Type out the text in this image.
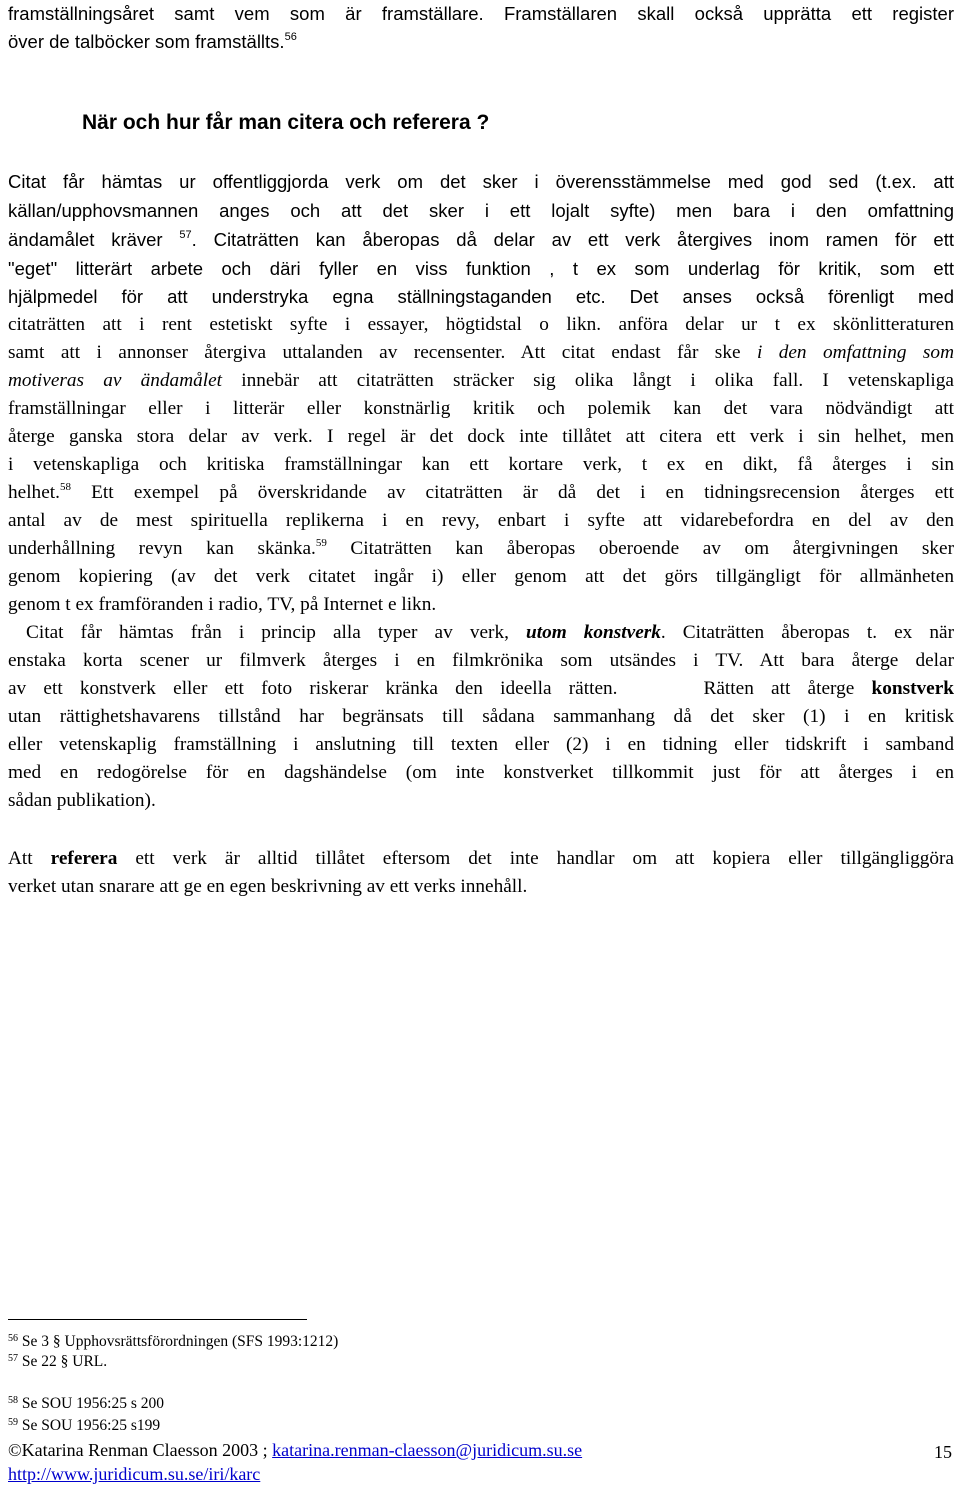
framställningsåret samt vem som är framställare. Framställaren skall också upprätta ett register
över de talböcker som framställts.$^{56}$
När och hur får man citera och referera ?
Citat får hämtas ur offentliggjorda verk om det sker i överensstämmelse med god sed (t.ex. att
källan/upphovsmannen anges och att det sker i ett lojalt syfte) men bara i den omfattning
ändamålet kräver $^{57}$. Citaträtten kan åberopas då delar av ett verk återgives inom ramen för ett
"eget" litterärt arbete och däri fyller en viss funktion , t ex som underlag för kritik, som ett
hjälpmedel för att understryka egna ställningstaganden etc. Det anses också förenligt med
citaträtten att i rent estetiskt syfte i essayer, högtidstal o likn. anföra delar ur t ex skönlitteraturen
samt att i annonser återgiva uttalanden av recensenter. Att citat endast får ske i den omfattning som
motiveras av ändamålet innebär att citaträtten sträcker sig olika långt i olika fall. I vetenskapliga
framställningar eller i litterär eller konstnärlig kritik och polemik kan det vara nödvändigt att
återge ganska stora delar av verk. I regel är det dock inte tillåtet att citera ett verk i sin helhet, men
i vetenskapliga och kritiska framställningar kan ett kortare verk, t ex en dikt, få återges i sin
helhet.$^{58}$ Ett exempel på överskridande av citaträtten är då det i en tidningsrecension återges ett
antal av de mest spirituella replikerna i en revy, enbart i syfte att vidarebefordra en del av den
underhållning revyn kan skänka.$^{59}$ Citaträtten kan åberopas oberoende av om återgivningen sker
genom kopiering (av det verk citatet ingår i) eller genom att det görs tillgängligt för allmänheten
genom t ex framföranden i radio, TV, på Internet e likn.
Citat får hämtas från i princip alla typer av verk, utom konstverk. Citaträtten åberopas t. ex när
enstaka korta scener ur filmverk återges i en filmkrönika som utsändes i TV. Att bara återge delar
av ett konstverk eller ett foto riskerar kränka den ideella rätten.     Rätten att återge konstverk
utan rättighetshavarens tillstånd har begränsats till sådana sammanhang då det sker (1) i en kritisk
eller vetenskaplig framställning i anslutning till texten eller (2) i en tidning eller tidskrift i samband
med en redogörelse för en dagshändelse (om inte konstverket tillkommit just för att återges i en
sådan publikation).
Att referera ett verk är alltid tillåtet eftersom det inte handlar om att kopiera eller tillgängliggöra
verket utan snarare att ge en egen beskrivning av ett verks innehåll.
$^{56}$ Se 3 § Upphovsrättsförordningen (SFS 1993:1212)
$^{57}$ Se 22 § URL.
$^{58}$ Se SOU 1956:25 s 200
$^{59}$ Se SOU 1956:25 s199
©Katarina Renman Claesson 2003 ; katarina.renman-claesson@juridicum.su.se
http://www.juridicum.su.se/iri/karc
15
